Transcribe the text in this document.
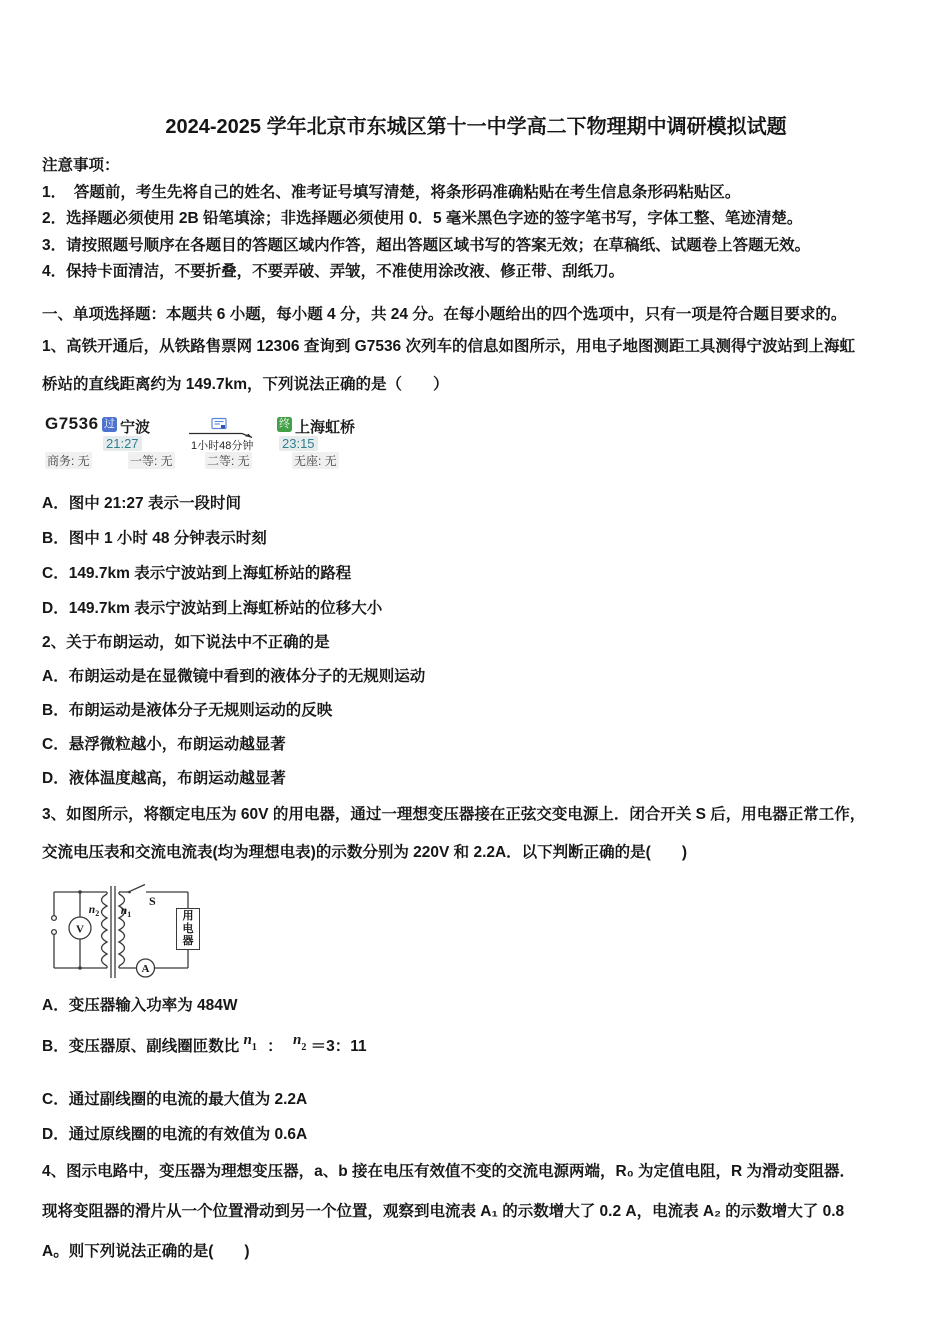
2024-2025 学年北京市东城区第十一中学高二下物理期中调研模拟试题
注意事项：
1．　答题前，考生先将自己的姓名、准考证号填写清楚，将条形码准确粘贴在考生信息条形码粘贴区。
2．选择题必须使用 2B 铅笔填涂；非选择题必须使用 0．5 毫米黑色字迹的签字笔书写，字体工整、笔迹清楚。
3．请按照题号顺序在各题目的答题区域内作答，超出答题区域书写的答案无效；在草稿纸、试题卷上答题无效。
4．保持卡面清洁，不要折叠，不要弄破、弄皱，不准使用涂改液、修正带、刮纸刀。
一、单项选择题：本题共 6 小题，每小题 4 分，共 24 分。在每小题给出的四个选项中，只有一项是符合题目要求的。
1、高铁开通后，从铁路售票网 12306 查询到 G7536 次列车的信息如图所示，用电子地图测距工具测得宁波站到上海虹
桥站的直线距离约为 149.7km，下列说法正确的是（　　）
G7536 过 宁波
21:27	1小时48分钟
终 上海虹桥
23:15
商务: 无	一等: 无	二等: 无	无座: 无
A．图中 21:27 表示一段时间
B．图中 1 小时 48 分钟表示时刻
C．149.7km 表示宁波站到上海虹桥站的路程
D．149.7km 表示宁波站到上海虹桥站的位移大小
2、关于布朗运动，如下说法中不正确的是
A．布朗运动是在显微镜中看到的液体分子的无规则运动
B．布朗运动是液体分子无规则运动的反映
C．悬浮微粒越小，布朗运动越显著
D．液体温度越高，布朗运动越显著
3、如图所示，将额定电压为 60V 的用电器，通过一理想变压器接在正弦交变电源上．闭合开关 S 后，用电器正常工作，
交流电压表和交流电流表(均为理想电表)的示数分别为 220V 和 2.2A．以下判断正确的是(　　)
V
S
A
$n_2$ $n_1$	用电器
A．变压器输入功率为 484W
B．变压器原、副线圈匝数比 $n_1$ ： $n_2 =3$：11
C．通过副线圈的电流的最大值为 2.2A
D．通过原线圈的电流的有效值为 0.6A
4、图示电路中，变压器为理想变压器，a、b 接在电压有效值不变的交流电源两端，R₀ 为定值电阻，R 为滑动变阻器．
现将变阻器的滑片从一个位置滑动到另一个位置，观察到电流表 A₁ 的示数增大了 0.2 A，电流表 A₂ 的示数增大了 0.8
A。则下列说法正确的是(　　)
